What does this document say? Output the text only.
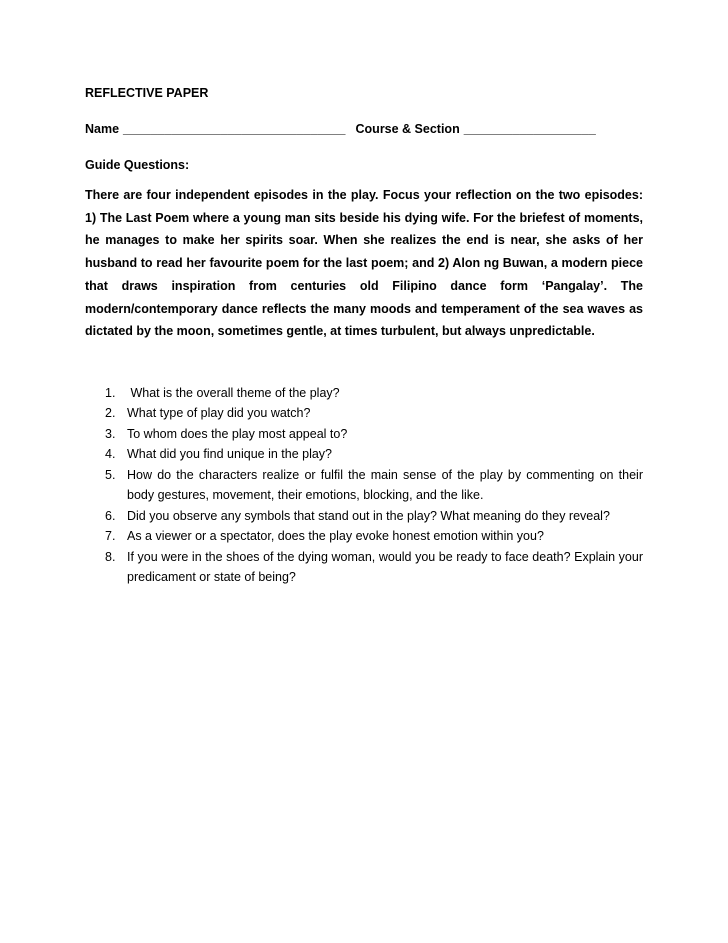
REFLECTIVE PAPER
Name ________________________________ Course & Section ___________________
Guide Questions:
There are four independent episodes in the play. Focus your reflection on the two episodes: 1) The Last Poem where a young man sits beside his dying wife. For the briefest of moments, he manages to make her spirits soar. When she realizes the end is near, she asks of her husband to read her favourite poem for the last poem; and 2) Alon ng Buwan, a modern piece that draws inspiration from centuries old Filipino dance form ‘Pangalay’. The modern/contemporary dance reflects the many moods and temperament of the sea waves as dictated by the moon, sometimes gentle, at times turbulent, but always unpredictable.
1. What is the overall theme of the play?
2. What type of play did you watch?
3. To whom does the play most appeal to?
4. What did you find unique in the play?
5. How do the characters realize or fulfil the main sense of the play by commenting on their body gestures, movement, their emotions, blocking, and the like.
6. Did you observe any symbols that stand out in the play? What meaning do they reveal?
7. As a viewer or a spectator, does the play evoke honest emotion within you?
8. If you were in the shoes of the dying woman, would you be ready to face death? Explain your predicament or state of being?
